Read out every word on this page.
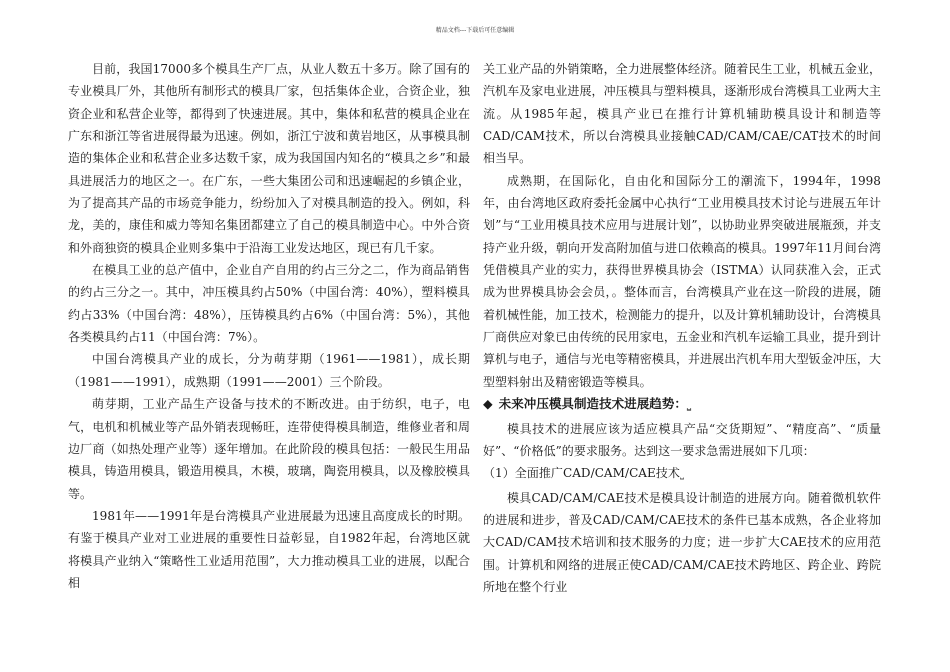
精品文档---下载后可任意编辑

目前，我国17000多个模具生产厂点，从业人数五十多万。除了国有的专业模具厂外，其他所有制形式的模具厂家，包括集体企业，合资企业，独资企业和私营企业等，都得到了快速进展。其中，集体和私营的模具企业在广东和浙江等省进展得最为迅速。例如，浙江宁波和黄岩地区，从事模具制造的集体企业和私营企业多达数千家，成为我国国内知名的“模具之乡”和最具进展活力的地区之一。在广东，一些大集团公司和迅速崛起的乡镇企业，为了提高其产品的市场竞争能力，纷纷加入了对模具制造的投入。例如，科龙，美的，康佳和威力等知名集团都建立了自己的模具制造中心。中外合资和外商独资的模具企业则多集中于沿海工业发达地区，现已有几千家。

在模具工业的总产值中，企业自产自用的约占三分之二，作为商品销售的约占三分之一。其中，冲压模具约占50%（中国台湾：40%），塑料模具约占33%（中国台湾：48%），压铸模具约占6%（中国台湾：5%），其他各类模具约占11（中国台湾：7%）。

中国台湾模具产业的成长，分为萌芽期（1961——1981），成长期（1981——1991），成熟期（1991——2001）三个阶段。

萌芽期，工业产品生产设备与技术的不断改进。由于纺织，电子，电气，电机和机械业等产品外销表现畅旺，连带使得模具制造，维修业者和周边厂商（如热处理产业等）逐年增加。在此阶段的模具包括：一般民生用品模具，铸造用模具，锻造用模具，木模，玻璃，陶瓷用模具，以及橡胶模具等。

1981年——1991年是台湾模具产业进展最为迅速且高度成长的时期。有鉴于模具产业对工业进展的重要性日益彰显，自1982年起，台湾地区就将模具产业纳入“策略性工业适用范围”，大力推动模具工业的进展，以配合相

关工业产品的外销策略，全力进展整体经济。随着民生工业，机械五金业，汽机车及家电业进展，冲压模具与塑料模具，逐渐形成台湾模具工业两大主流。从1985年起，模具产业已在推行计算机辅助模具设计和制造等CAD/CAM技术，所以台湾模具业接触CAD/CAM/CAE/CAT技术的时间相当早。

成熟期，在国际化，自由化和国际分工的潮流下，1994年，1998年，由台湾地区政府委托金属中心执行“工业用模具技术讨论与进展五年计划”与“工业用模具技术应用与进展计划”，以协助业界突破进展瓶颈，并支持产业升级，朝向开发高附加值与进口依赖高的模具。1997年11月间台湾凭借模具产业的实力，获得世界模具协会（ISTMA）认同获准入会，正式成为世界模具协会会员，。整体而言，台湾模具产业在这一阶段的进展，随着机械性能，加工技术，检测能力的提升，以及计算机辅助设计，台湾模具厂商供应对象已由传统的民用家电，五金业和汽机车运输工具业，提升到计算机与电子，通信与光电等精密模具，并进展出汽机车用大型钣金冲压，大型塑料射出及精密锻造等模具。

◆ 未来冲压模具制造技术进展趋势：⎵

模具技术的进展应该为适应模具产品“交货期短”、“精度高”、“质量好”、“价格低”的要求服务。达到这一要求急需进展如下几项：

（1）全面推广CAD/CAM/CAE技术⎵

模具CAD/CAM/CAE技术是模具设计制造的进展方向。随着微机软件的进展和进步，普及CAD/CAM/CAE技术的条件已基本成熟，各企业将加大CAD/CAM技术培训和技术服务的力度；进一步扩大CAE技术的应用范围。计算机和网络的进展正使CAD/CAM/CAE技术跨地区、跨企业、跨院所地在整个行业
